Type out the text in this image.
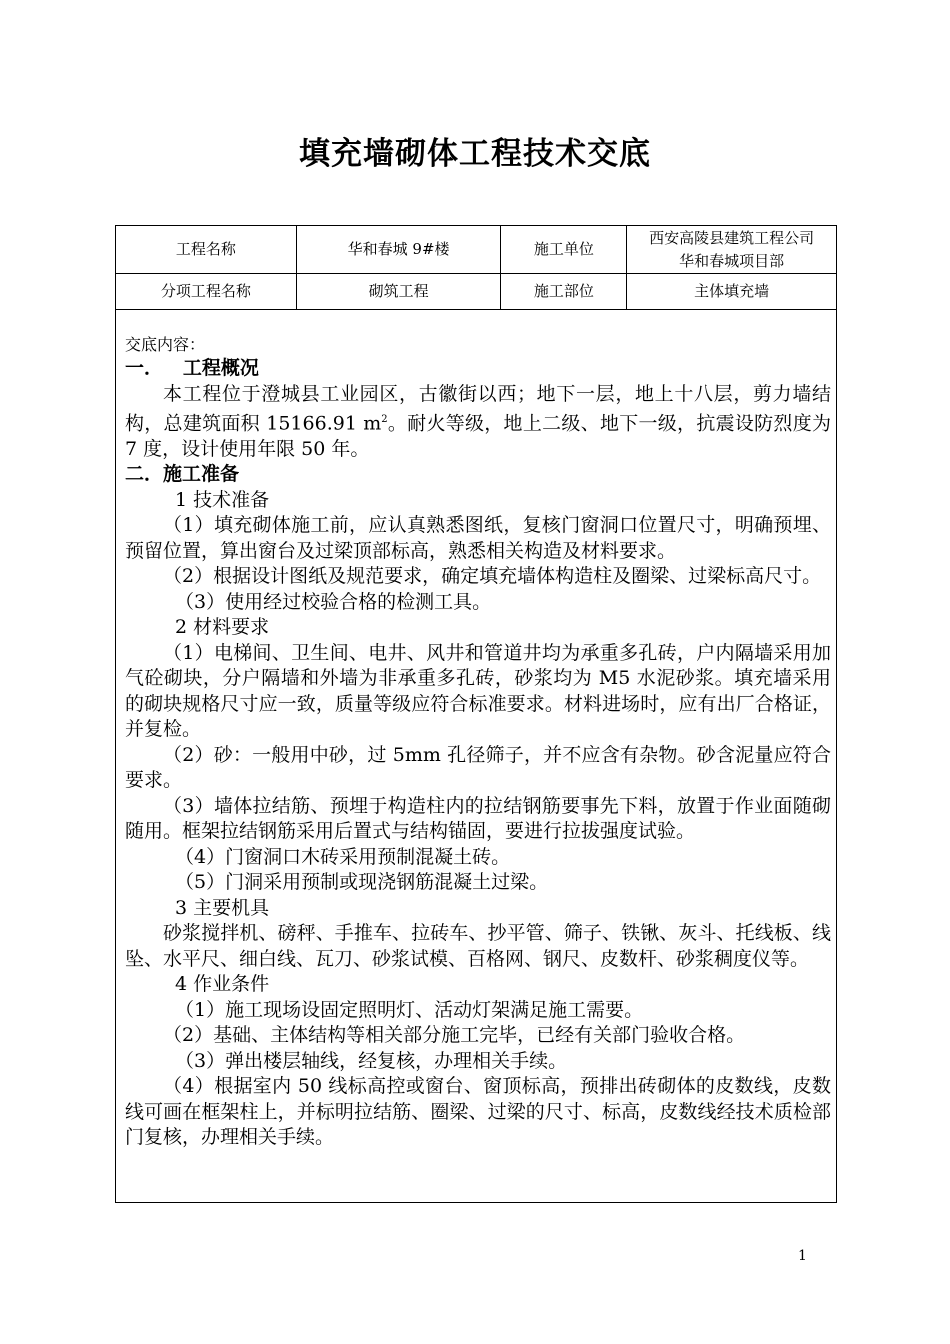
填充墙砌体工程技术交底
工程名称	华和春城 9#楼	施工单位	西安高陵县建筑工程公司
华和春城项目部

分项工程名称	砌筑工程	施工部位	主体填充墙

交底内容：

一．   工程概况

本工程位于澄城县工业园区，古徽街以西；地下一层，地上十八层，剪力墙结构，总建筑面积 15166.91 $m^2$。耐火等级，地上二级、地下一级，抗震设防烈度为 7 度，设计使用年限 50 年。

二．施工准备

1 技术准备

（1）填充砌体施工前，应认真熟悉图纸，复核门窗洞口位置尺寸，明确预埋、预留位置，算出窗台及过梁顶部标高，熟悉相关构造及材料要求。

（2）根据设计图纸及规范要求，确定填充墙体构造柱及圈梁、过梁标高尺寸。

（3）使用经过校验合格的检测工具。

2 材料要求

（1）电梯间、卫生间、电井、风井和管道井均为承重多孔砖，户内隔墙采用加气砼砌块，分户隔墙和外墙为非承重多孔砖，砂浆均为 M5 水泥砂浆。填充墙采用的砌块规格尺寸应一致，质量等级应符合标准要求。材料进场时，应有出厂合格证，并复检。

（2）砂：一般用中砂，过 5mm 孔径筛子，并不应含有杂物。砂含泥量应符合要求。

（3）墙体拉结筋、预埋于构造柱内的拉结钢筋要事先下料，放置于作业面随砌随用。框架拉结钢筋采用后置式与结构锚固，要进行拉拔强度试验。

（4）门窗洞口木砖采用预制混凝土砖。

（5）门洞采用预制或现浇钢筋混凝土过梁。

3 主要机具

砂浆搅拌机、磅秤、手推车、拉砖车、抄平管、筛子、铁锹、灰斗、托线板、线坠、水平尺、细白线、瓦刀、砂浆试模、百格网、钢尺、皮数杆、砂浆稠度仪等。

4 作业条件

（1）施工现场设固定照明灯、活动灯架满足施工需要。

（2）基础、主体结构等相关部分施工完毕，已经有关部门验收合格。

（3）弹出楼层轴线，经复核，办理相关手续。

（4）根据室内 50 线标高控或窗台、窗顶标高，预排出砖砌体的皮数线，皮数线可画在框架柱上，并标明拉结筋、圈梁、过梁的尺寸、标高，皮数线经技术质检部门复核，办理相关手续。

1
